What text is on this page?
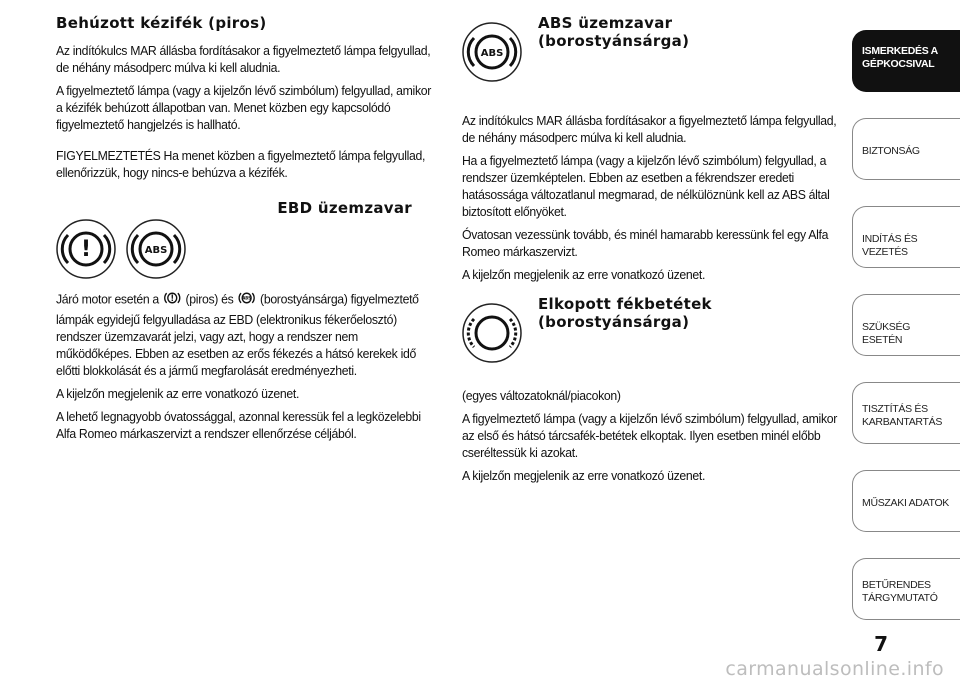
Behúzott kézifék (piros)

Az indítókulcs MAR állásba fordításakor a figyelmeztető lámpa felgyullad, de néhány másodperc múlva ki kell aludnia.

A figyelmeztető lámpa (vagy a kijelzőn lévő szimbólum) felgyullad, amikor a kézifék behúzott állapotban van. Menet közben egy kapcsolódó figyelmeztető hangjelzés is hallható.

FIGYELMEZTETÉS Ha menet közben a figyelmeztető lámpa felgyullad, ellenőrizzük, hogy nincs-e behúzva a kézifék.

!	ABS
EBD üzemzavar

Járó motor esetén a ! (piros) és ABS (borostyánsárga) figyelmeztető lámpák egyidejű felgyulladása az EBD (elektronikus fékerőelosztó) rendszer üzemzavarát jelzi, vagy azt, hogy a rendszer nem működőképes. Ebben az esetben az erős fékezés a hátsó kerekek idő előtti blokkolását és a jármű megfarolását eredményezheti.

A kijelzőn megjelenik az erre vonatkozó üzenet.

A lehető legnagyobb óvatossággal, azonnal keressük fel a legközelebbi Alfa Romeo márkaszervizt a rendszer ellenőrzése céljából.

ABS
ABS üzemzavar (borostyánsárga)

Az indítókulcs MAR állásba fordításakor a figyelmeztető lámpa felgyullad, de néhány másodperc múlva ki kell aludnia.

Ha a figyelmeztető lámpa (vagy a kijelzőn lévő szimbólum) felgyullad, a rendszer üzemképtelen. Ebben az esetben a fékrendszer eredeti hatásossága változatlanul megmarad, de nélkülöznünk kell az ABS által biztosított előnyöket.

Óvatosan vezessünk tovább, és minél hamarabb keressünk fel egy Alfa Romeo márkaszervizt.

A kijelzőn megjelenik az erre vonatkozó üzenet.

Elkopott fékbetétek (borostyánsárga)

(egyes változatoknál/piacokon)

A figyelmeztető lámpa (vagy a kijelzőn lévő szimbólum) felgyullad, amikor az első és hátsó tárcsafék-betétek elkoptak. Ilyen esetben minél előbb cseréltessük ki azokat.

A kijelzőn megjelenik az erre vonatkozó üzenet.

ISMERKEDÉS A GÉPKOCSIVAL
BIZTONSÁG
INDÍTÁS ÉS VEZETÉS
SZÜKSÉG ESETÉN
TISZTÍTÁS ÉS KARBANTARTÁS
MŰSZAKI ADATOK
BETŰRENDES TÁRGYMUTATÓ
7
carmanualsonline.info
